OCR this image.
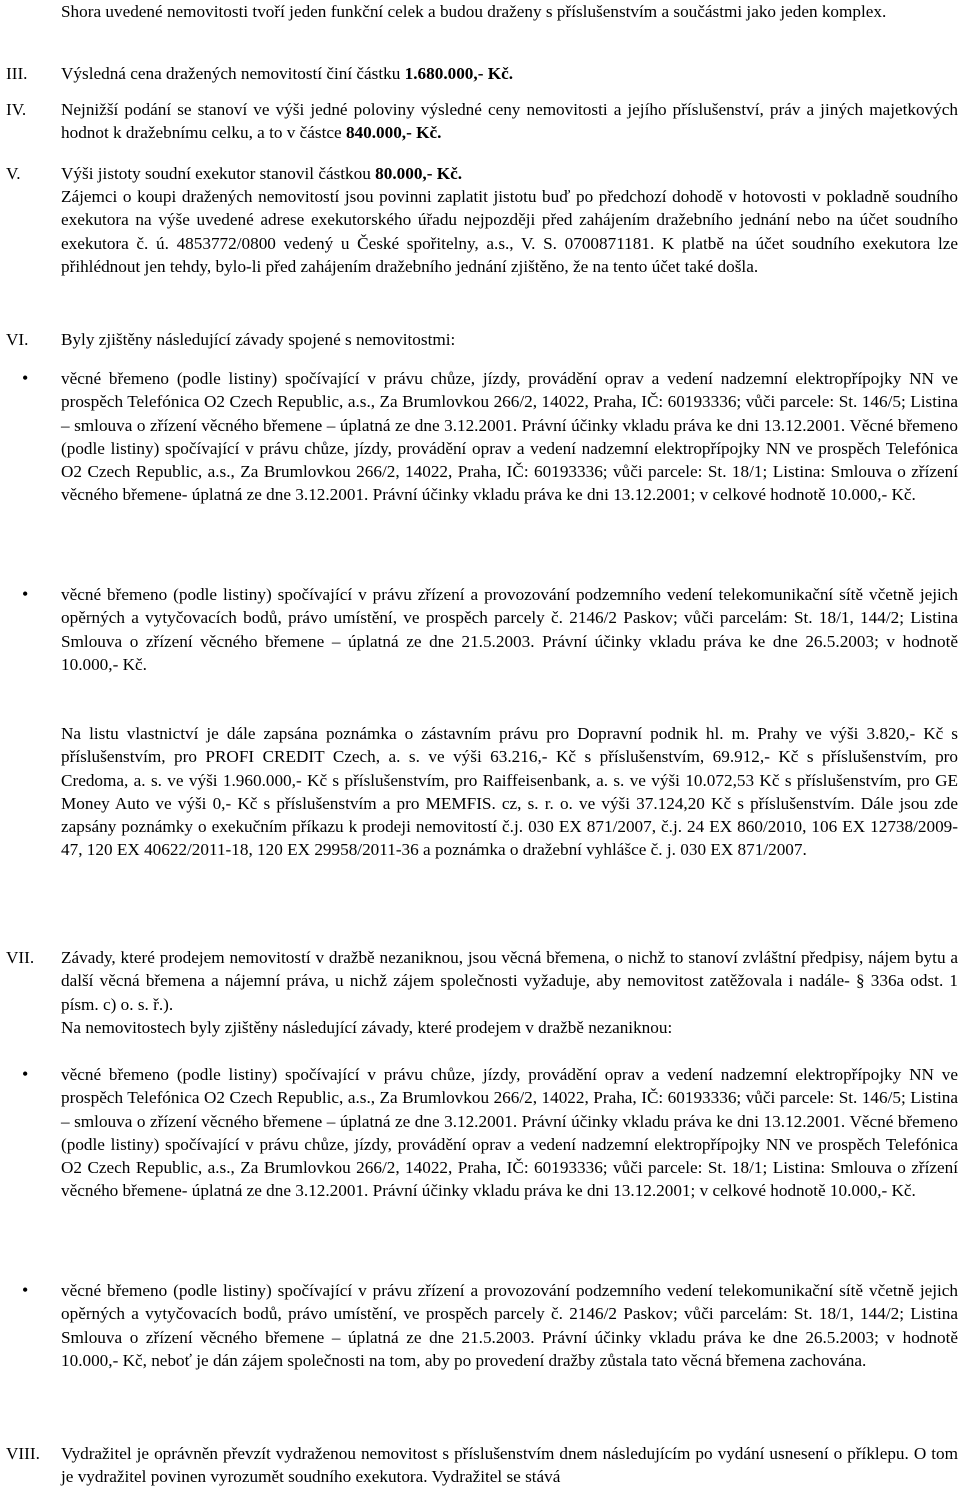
Shora uvedené nemovitosti tvoří jeden funkční celek a budou draženy s příslušenstvím a součástmi jako jeden komplex.

III. Výsledná cena dražených nemovitostí činí částku 1.680.000,- Kč.

IV. Nejnižší podání se stanoví ve výši jedné poloviny výsledné ceny nemovitosti a jejího příslušenství, práv a jiných majetkových hodnot k dražebnímu celku, a to v částce 840.000,- Kč.

V. Výši jistoty soudní exekutor stanovil částkou 80.000,- Kč.

Zájemci o koupi dražených nemovitostí jsou povinni zaplatit jistotu buď po předchozí dohodě v hotovosti v pokladně soudního exekutora na výše uvedené adrese exekutorského úřadu nejpozději před zahájením dražebního jednání nebo na účet soudního exekutora č. ú. 4853772/0800 vedený u České spořitelny, a.s., V. S. 0700871181. K platbě na účet soudního exekutora lze přihlédnout jen tehdy, bylo-li před zahájením dražebního jednání zjištěno, že na tento účet také došla.

VI. Byly zjištěny následující závady spojené s nemovitostmi:

• věcné břemeno (podle listiny) spočívající v právu chůze, jízdy, provádění oprav a vedení nadzemní elektropřípojky NN ve prospěch Telefónica O2 Czech Republic, a.s., Za Brumlovkou 266/2, 14022, Praha, IČ: 60193336; vůči parcele: St. 146/5; Listina – smlouva o zřízení věcného břemene – úplatná ze dne 3.12.2001. Právní účinky vkladu práva ke dni 13.12.2001. Věcné břemeno (podle listiny) spočívající v právu chůze, jízdy, provádění oprav a vedení nadzemní elektropřípojky NN ve prospěch Telefónica O2 Czech Republic, a.s., Za Brumlovkou 266/2, 14022, Praha, IČ: 60193336; vůči parcele: St. 18/1; Listina: Smlouva o zřízení věcného břemene- úplatná ze dne 3.12.2001. Právní účinky vkladu práva ke dni 13.12.2001; v celkové hodnotě 10.000,- Kč.

• věcné břemeno (podle listiny) spočívající v právu zřízení a provozování podzemního vedení telekomunikační sítě včetně jejich opěrných a vytyčovacích bodů, právo umístění, ve prospěch parcely č. 2146/2 Paskov; vůči parcelám: St. 18/1, 144/2; Listina Smlouva o zřízení věcného břemene – úplatná ze dne 21.5.2003. Právní účinky vkladu práva ke dne 26.5.2003; v hodnotě 10.000,- Kč.

Na listu vlastnictví je dále zapsána poznámka o zástavním právu pro Dopravní podnik hl. m. Prahy ve výši 3.820,- Kč s příslušenstvím, pro PROFI CREDIT Czech, a. s. ve výši 63.216,- Kč s příslušenstvím, 69.912,- Kč s příslušenstvím, pro Credoma, a. s. ve výši 1.960.000,- Kč s příslušenstvím, pro Raiffeisenbank, a. s. ve výši 10.072,53 Kč s příslušenstvím, pro GE Money Auto ve výši 0,- Kč s příslušenstvím a pro MEMFIS. cz, s. r. o. ve výši 37.124,20 Kč s příslušenstvím. Dále jsou zde zapsány poznámky o exekučním příkazu k prodeji nemovitostí č.j. 030 EX 871/2007, č.j. 24 EX 860/2010, 106 EX 12738/2009-47, 120 EX 40622/2011-18, 120 EX 29958/2011-36 a poznámka o dražební vyhlášce č. j. 030 EX 871/2007.

VII. Závady, které prodejem nemovitostí v dražbě nezaniknou, jsou věcná břemena, o nichž to stanoví zvláštní předpisy, nájem bytu a další věcná břemena a nájemní práva, u nichž zájem společnosti vyžaduje, aby nemovitost zatěžovala i nadále- § 336a odst. 1 písm. c) o. s. ř.).

Na nemovitostech byly zjištěny následující závady, které prodejem v dražbě nezaniknou:

• věcné břemeno (podle listiny) spočívající v právu chůze, jízdy, provádění oprav a vedení nadzemní elektropřípojky NN ve prospěch Telefónica O2 Czech Republic, a.s., Za Brumlovkou 266/2, 14022, Praha, IČ: 60193336; vůči parcele: St. 146/5; Listina – smlouva o zřízení věcného břemene – úplatná ze dne 3.12.2001. Právní účinky vkladu práva ke dni 13.12.2001. Věcné břemeno (podle listiny) spočívající v právu chůze, jízdy, provádění oprav a vedení nadzemní elektropřípojky NN ve prospěch Telefónica O2 Czech Republic, a.s., Za Brumlovkou 266/2, 14022, Praha, IČ: 60193336; vůči parcele: St. 18/1; Listina: Smlouva o zřízení věcného břemene- úplatná ze dne 3.12.2001. Právní účinky vkladu práva ke dni 13.12.2001; v celkové hodnotě 10.000,- Kč.

• věcné břemeno (podle listiny) spočívající v právu zřízení a provozování podzemního vedení telekomunikační sítě včetně jejich opěrných a vytyčovacích bodů, právo umístění, ve prospěch parcely č. 2146/2 Paskov; vůči parcelám: St. 18/1, 144/2; Listina Smlouva o zřízení věcného břemene – úplatná ze dne 21.5.2003. Právní účinky vkladu práva ke dne 26.5.2003; v hodnotě 10.000,- Kč, neboť je dán zájem společnosti na tom, aby po provedení dražby zůstala tato věcná břemena zachována.

VIII. Vydražitel je oprávněn převzít vydraženou nemovitost s příslušenstvím dnem následujícím po vydání usnesení o příklepu. O tom je vydražitel povinen vyrozumět soudního exekutora. Vydražitel se stává
